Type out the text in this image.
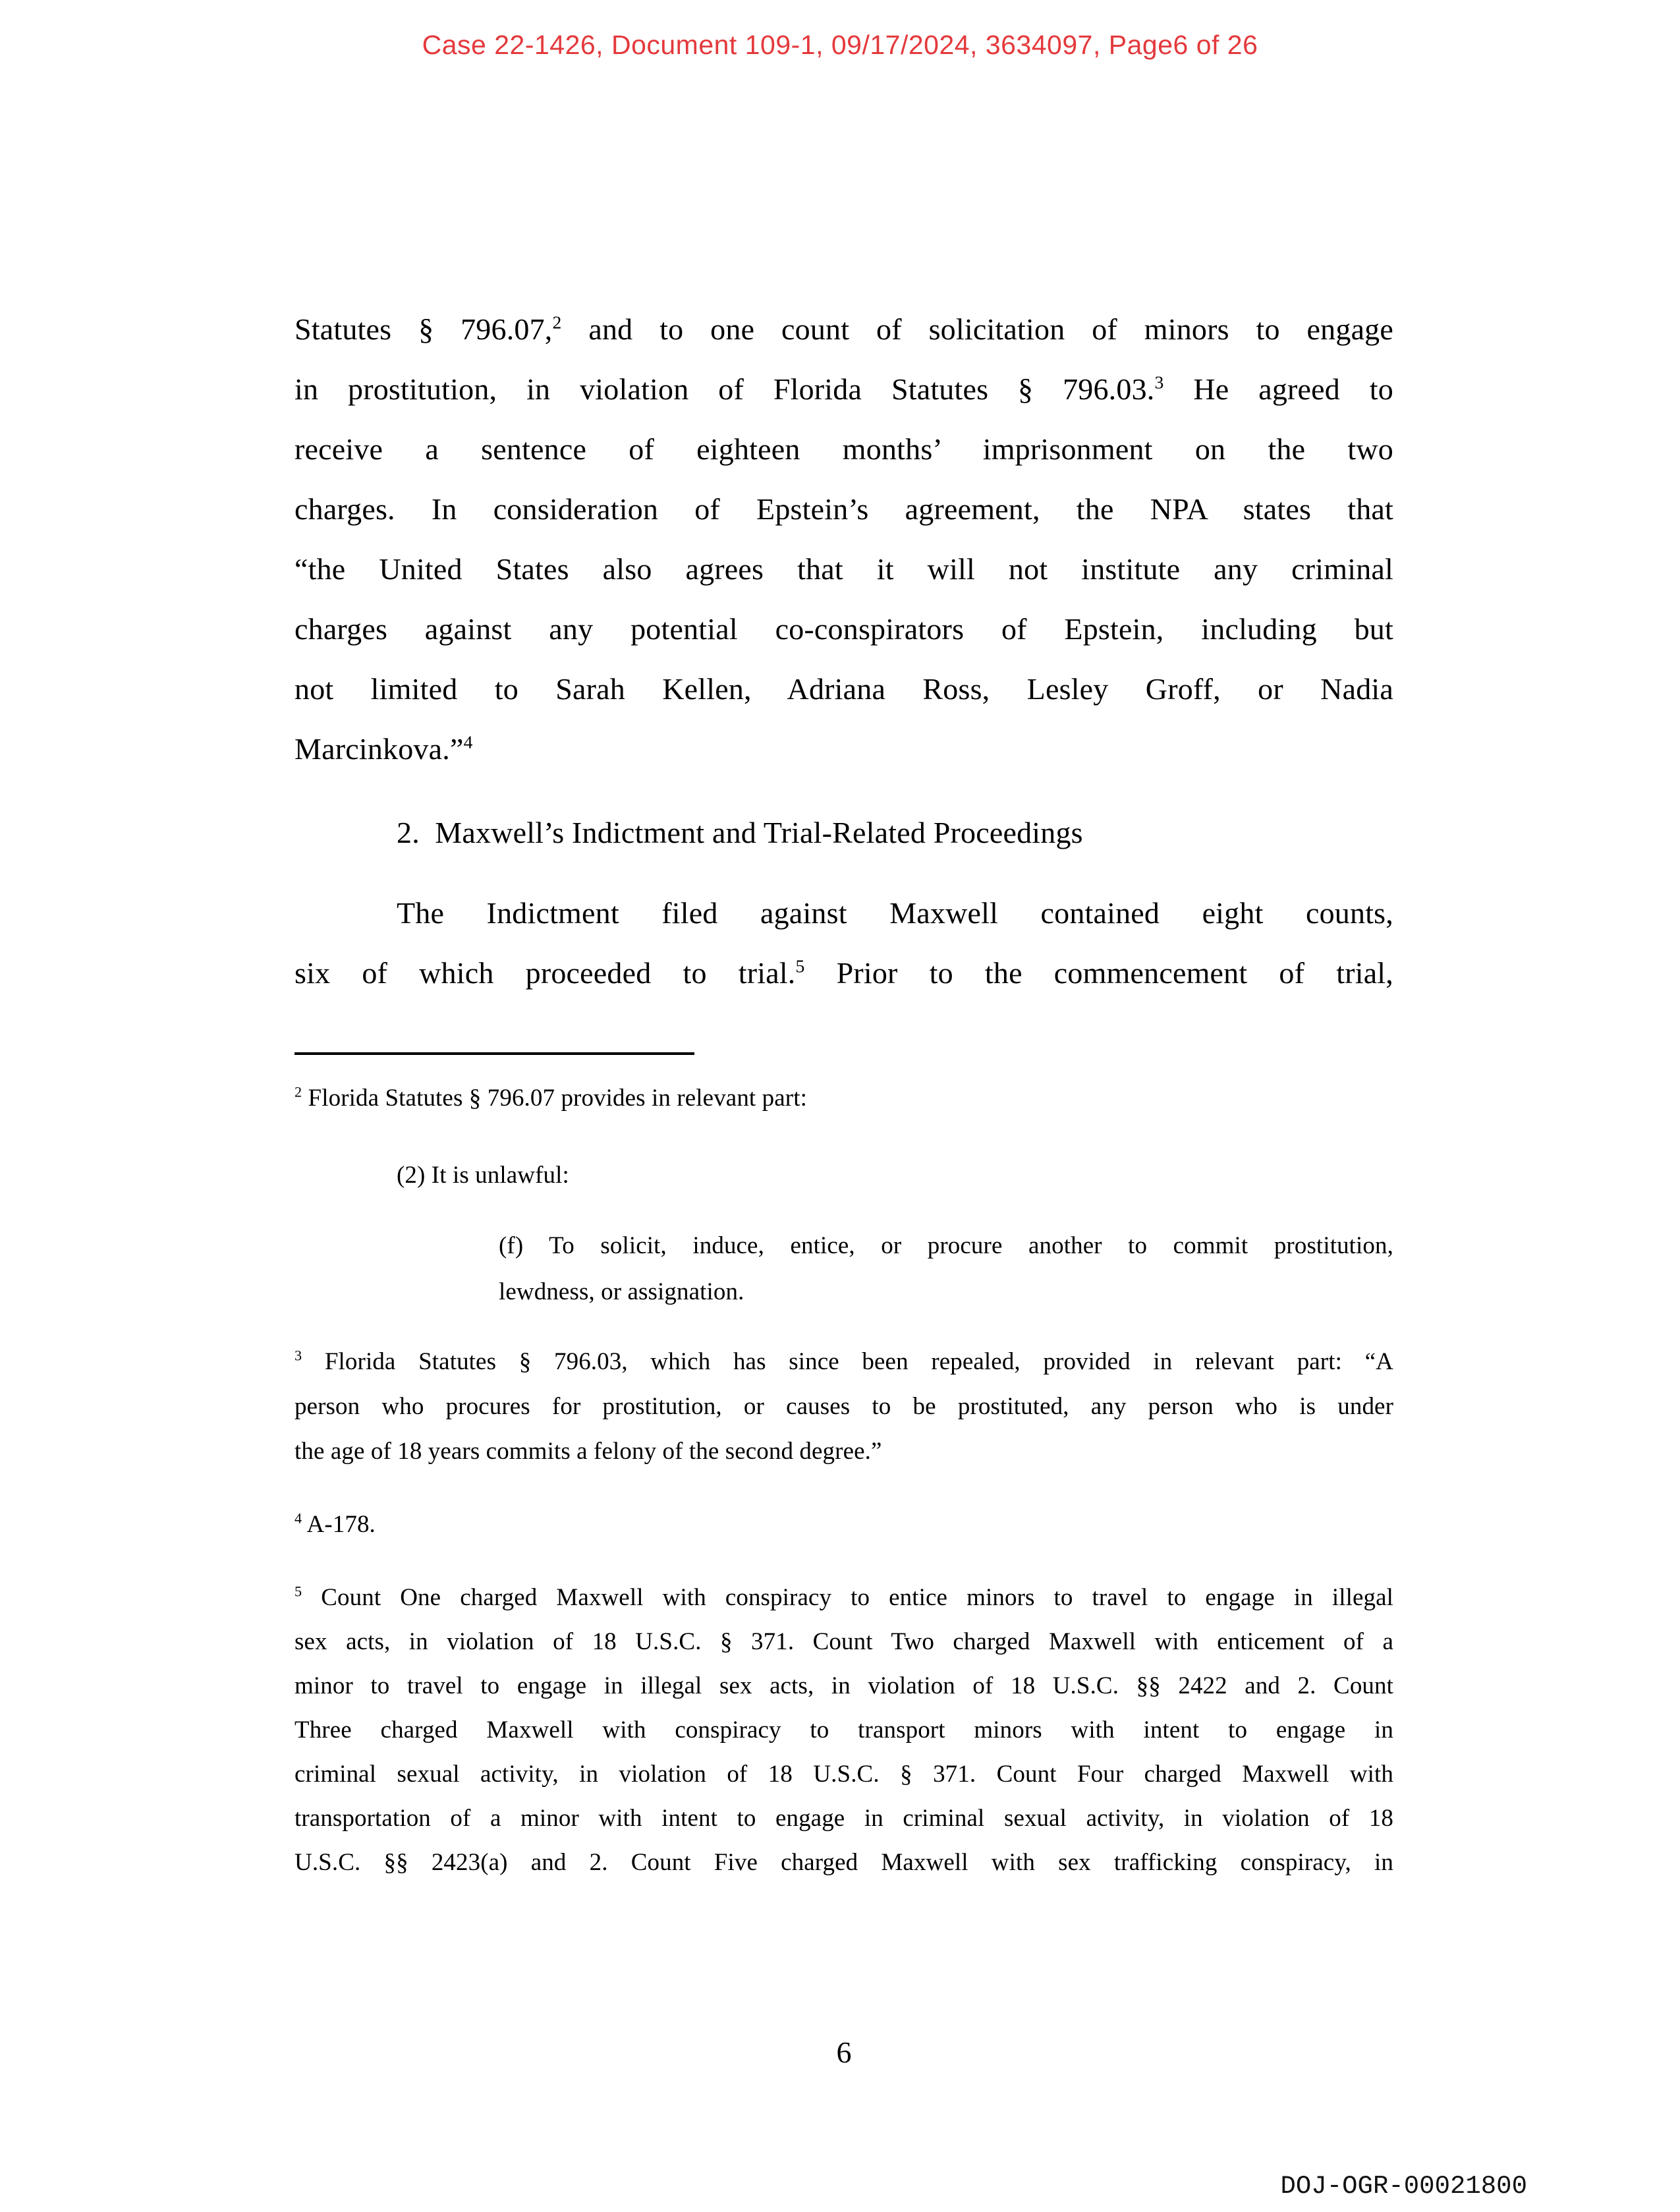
Case 22-1426, Document 109-1, 09/17/2024, 3634097, Page6 of 26
Statutes § 796.07,$^2$ and to one count of solicitation of minors to engage
in prostitution, in violation of Florida Statutes § 796.03.$^3$ He agreed to
receive a sentence of eighteen months’ imprisonment on the two
charges. In consideration of Epstein’s agreement, the NPA states that
“the United States also agrees that it will not institute any criminal
charges against any potential co-conspirators of Epstein, including but
not limited to Sarah Kellen, Adriana Ross, Lesley Groff, or Nadia
Marcinkova.”$^4$
2.  Maxwell’s Indictment and Trial-Related Proceedings
The Indictment filed against Maxwell contained eight counts,
six of which proceeded to trial.$^5$ Prior to the commencement of trial,
$^2$ Florida Statutes § 796.07 provides in relevant part:
(2) It is unlawful:
(f) To solicit, induce, entice, or procure another to commit prostitution,
lewdness, or assignation.
$^3$ Florida Statutes § 796.03, which has since been repealed, provided in relevant part: “A
person who procures for prostitution, or causes to be prostituted, any person who is under
the age of 18 years commits a felony of the second degree.”
$^4$ A-178.
$^5$ Count One charged Maxwell with conspiracy to entice minors to travel to engage in illegal
sex acts, in violation of 18 U.S.C. § 371. Count Two charged Maxwell with enticement of a
minor to travel to engage in illegal sex acts, in violation of 18 U.S.C. §§ 2422 and 2. Count
Three charged Maxwell with conspiracy to transport minors with intent to engage in
criminal sexual activity, in violation of 18 U.S.C. § 371. Count Four charged Maxwell with
transportation of a minor with intent to engage in criminal sexual activity, in violation of 18
U.S.C. §§ 2423(a) and 2. Count Five charged Maxwell with sex trafficking conspiracy, in
6
DOJ-OGR-00021800
